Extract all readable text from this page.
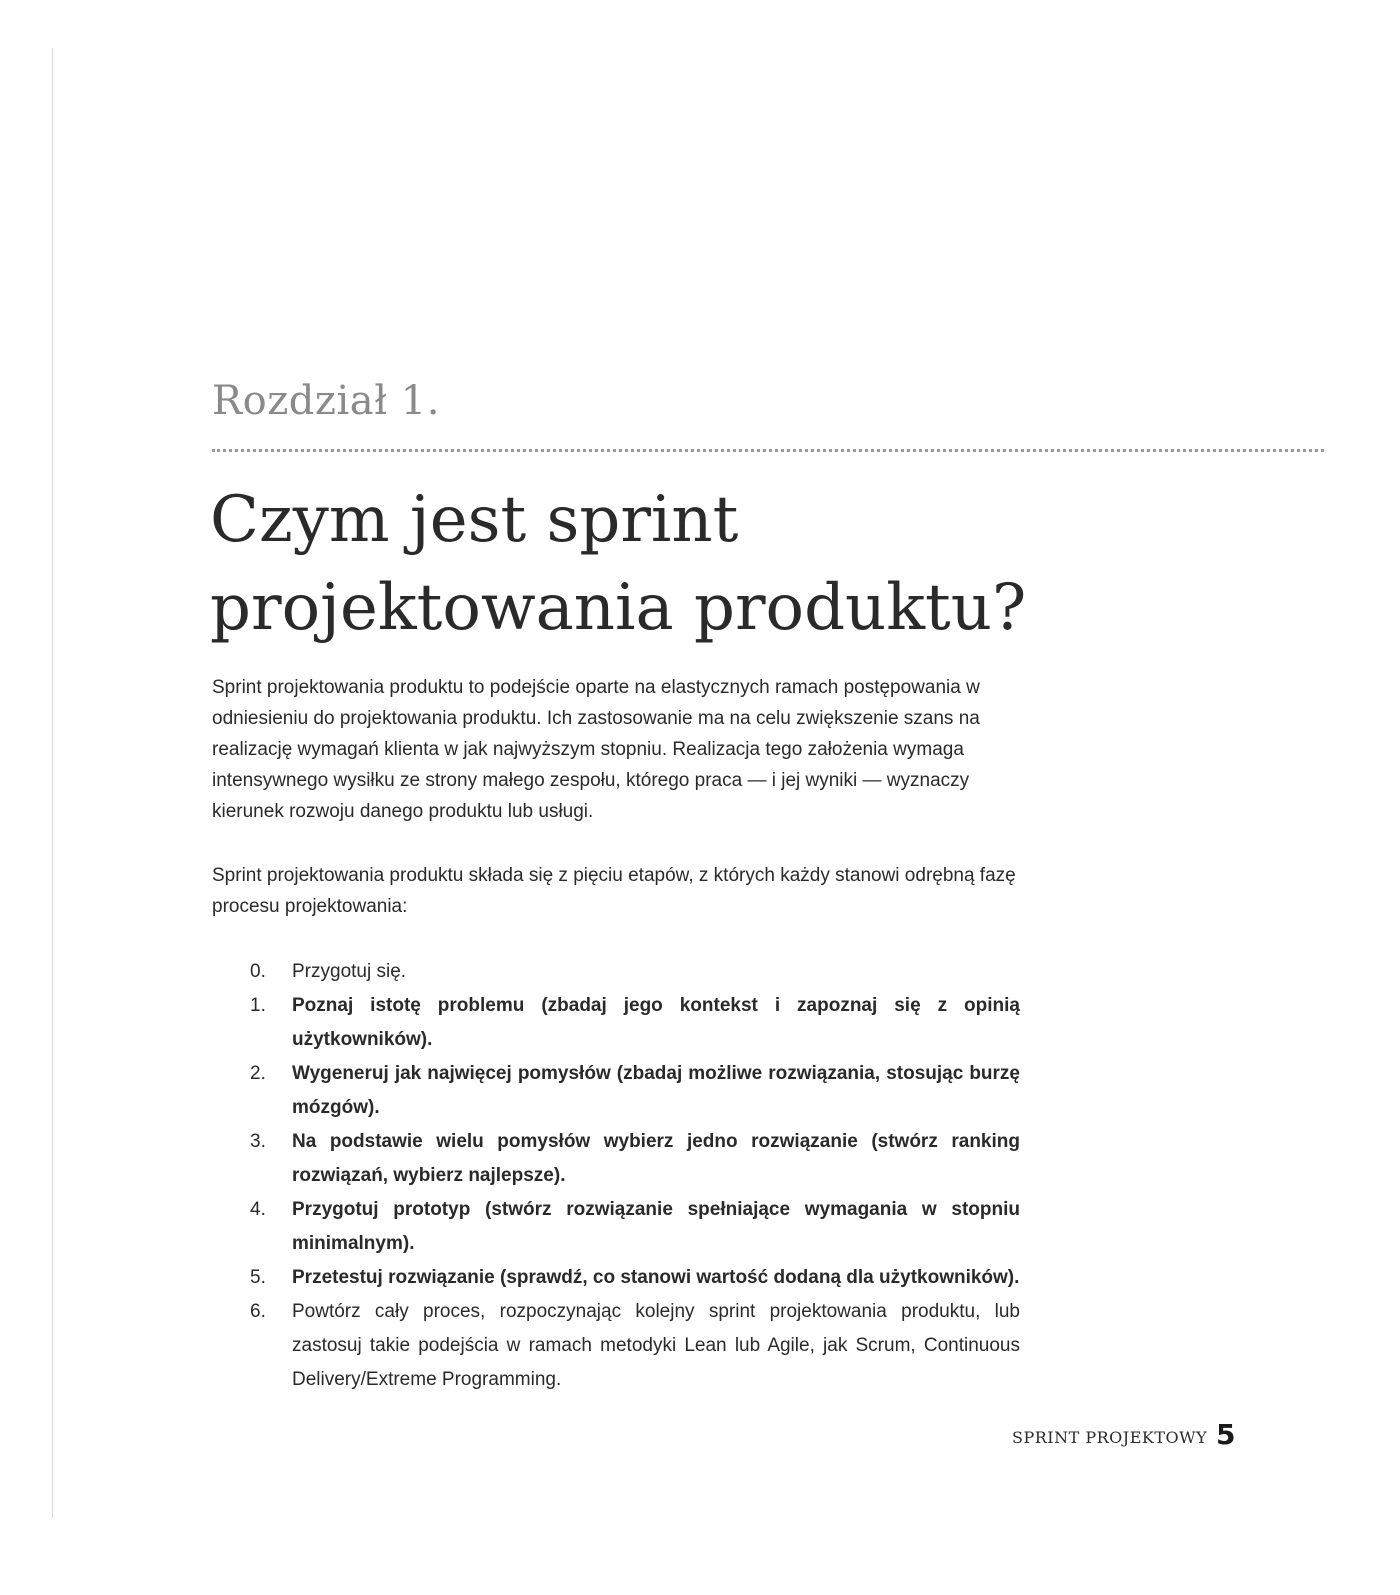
Rozdział 1.
Czym jest sprint
projektowania produktu?

Sprint projektowania produktu to podejście oparte na elastycznych ramach postępowania w odniesieniu do projektowania produktu. Ich zastosowanie ma na celu zwiększenie szans na realizację wymagań klienta w jak najwyższym stopniu. Realizacja tego założenia wymaga intensywnego wysiłku ze strony małego zespołu, którego praca — i jej wyniki — wyznaczy kierunek rozwoju danego produktu lub usługi.

Sprint projektowania produktu składa się z pięciu etapów, z których każdy stanowi odrębną fazę procesu projektowania:

0.	Przygotuj się.
1.	Poznaj istotę problemu (zbadaj jego kontekst i zapoznaj się z opinią użytkowników).
2.	Wygeneruj jak najwięcej pomysłów (zbadaj możliwe rozwiązania, stosując burzę mózgów).
3.	Na podstawie wielu pomysłów wybierz jedno rozwiązanie (stwórz ranking rozwiązań, wybierz najlepsze).
4.	Przygotuj prototyp (stwórz rozwiązanie spełniające wymagania w stopniu minimalnym).
5.	Przetestuj rozwiązanie (sprawdź, co stanowi wartość dodaną dla użytkowników).
6.	Powtórz cały proces, rozpoczynając kolejny sprint projektowania produktu, lub zastosuj takie podejścia w ramach metodyki Lean lub Agile, jak Scrum, Continuous Delivery/Extreme Programming.
SPRINT PROJEKTOWY 5
